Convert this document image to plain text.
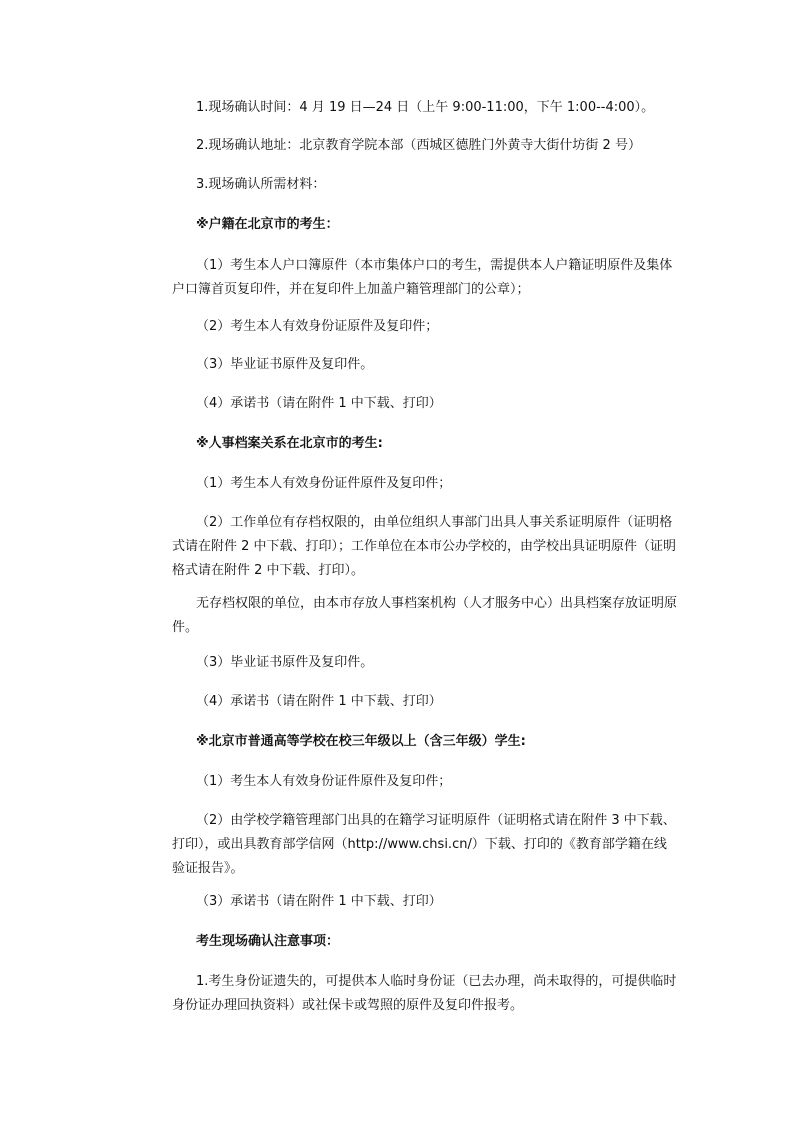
1.现场确认时间：4 月 19 日—24 日（上午 9:00-11:00，下午 1:00--4:00）。

2.现场确认地址：北京教育学院本部（西城区德胜门外黄寺大街什坊街 2 号）

3.现场确认所需材料：

※户籍在北京市的考生：

（1）考生本人户口簿原件（本市集体户口的考生，需提供本人户籍证明原件及集体户口簿首页复印件，并在复印件上加盖户籍管理部门的公章）；

（2）考生本人有效身份证原件及复印件；

（3）毕业证书原件及复印件。

（4）承诺书（请在附件 1 中下载、打印）

※人事档案关系在北京市的考生:

（1）考生本人有效身份证件原件及复印件；

（2）工作单位有存档权限的，由单位组织人事部门出具人事关系证明原件（证明格式请在附件 2 中下载、打印）；工作单位在本市公办学校的，由学校出具证明原件（证明格式请在附件 2 中下载、打印）。

无存档权限的单位，由本市存放人事档案机构（人才服务中心）出具档案存放证明原件。

（3）毕业证书原件及复印件。

（4）承诺书（请在附件 1 中下载、打印）

※北京市普通高等学校在校三年级以上（含三年级）学生:

（1）考生本人有效身份证件原件及复印件；

（2）由学校学籍管理部门出具的在籍学习证明原件（证明格式请在附件 3 中下载、打印），或出具教育部学信网（http://www.chsi.cn/）下载、打印的《教育部学籍在线验证报告》。

（3）承诺书（请在附件 1 中下载、打印）

考生现场确认注意事项：

1.考生身份证遗失的，可提供本人临时身份证（已去办理，尚未取得的，可提供临时身份证办理回执资料）或社保卡或驾照的原件及复印件报考。
